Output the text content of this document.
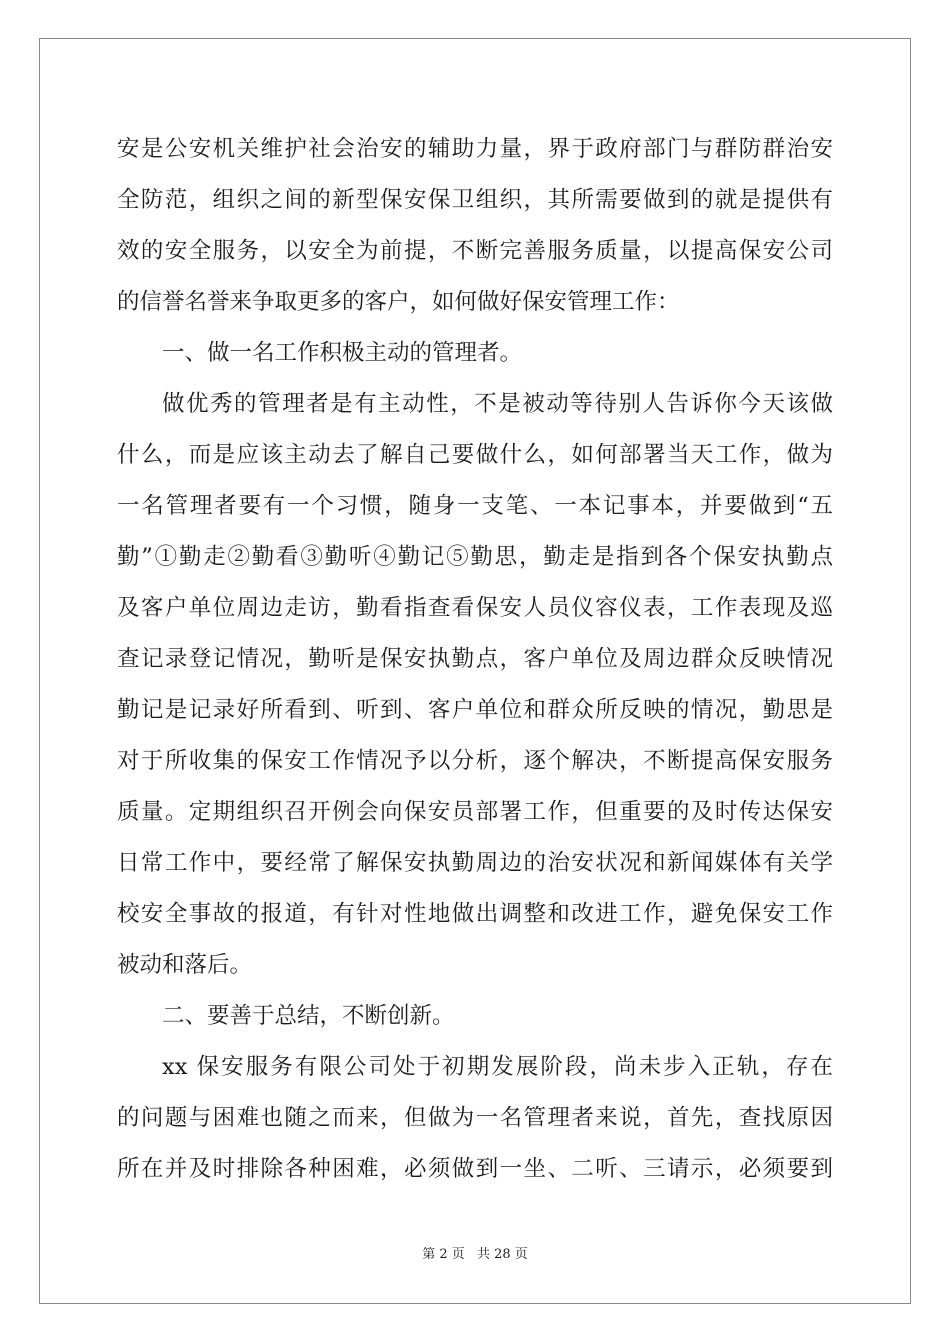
安是公安机关维护社会治安的辅助力量，界于政府部门与群防群治安
全防范，组织之间的新型保安保卫组织，其所需要做到的就是提供有
效的安全服务，以安全为前提，不断完善服务质量，以提高保安公司
的信誉名誉来争取更多的客户，如何做好保安管理工作：
一、做一名工作积极主动的管理者。
做优秀的管理者是有主动性，不是被动等待别人告诉你今天该做
什么，而是应该主动去了解自己要做什么，如何部署当天工作，做为
一名管理者要有一个习惯，随身一支笔、一本记事本，并要做到“五
勤”①勤走②勤看③勤听④勤记⑤勤思，勤走是指到各个保安执勤点
及客户单位周边走访，勤看指查看保安人员仪容仪表，工作表现及巡
查记录登记情况，勤听是保安执勤点，客户单位及周边群众反映情况
勤记是记录好所看到、听到、客户单位和群众所反映的情况，勤思是
对于所收集的保安工作情况予以分析，逐个解决，不断提高保安服务
质量。定期组织召开例会向保安员部署工作，但重要的及时传达保安
日常工作中，要经常了解保安执勤周边的治安状况和新闻媒体有关学
校安全事故的报道，有针对性地做出调整和改进工作，避免保安工作
被动和落后。
二、要善于总结，不断创新。
xx 保安服务有限公司处于初期发展阶段，尚未步入正轨，存在
的问题与困难也随之而来，但做为一名管理者来说，首先，查找原因
所在并及时排除各种困难，必须做到一坐、二听、三请示，必须要到
第 2 页 共 28 页
